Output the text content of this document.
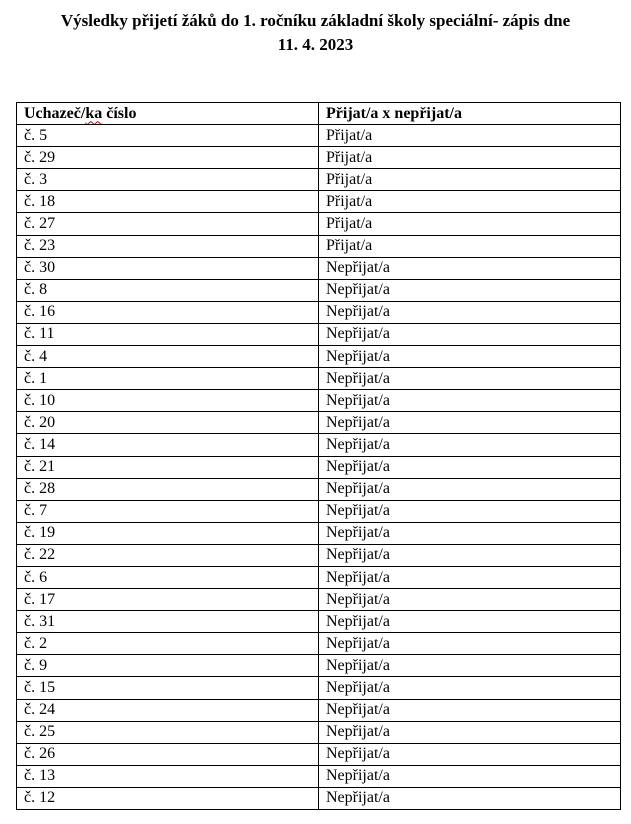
Výsledky přijetí žáků do 1. ročníku základní školy speciální- zápis dne
11. 4. 2023
Uchazeč/ka číslo	Přijat/a x nepřijat/a
č. 5	Přijat/a
č. 29	Přijat/a
č. 3	Přijat/a
č. 18	Přijat/a
č. 27	Přijat/a
č. 23	Přijat/a
č. 30	Nepřijat/a
č. 8	Nepřijat/a
č. 16	Nepřijat/a
č. 11	Nepřijat/a
č. 4	Nepřijat/a
č. 1	Nepřijat/a
č. 10	Nepřijat/a
č. 20	Nepřijat/a
č. 14	Nepřijat/a
č. 21	Nepřijat/a
č. 28	Nepřijat/a
č. 7	Nepřijat/a
č. 19	Nepřijat/a
č. 22	Nepřijat/a
č. 6	Nepřijat/a
č. 17	Nepřijat/a
č. 31	Nepřijat/a
č. 2	Nepřijat/a
č. 9	Nepřijat/a
č. 15	Nepřijat/a
č. 24	Nepřijat/a
č. 25	Nepřijat/a
č. 26	Nepřijat/a
č. 13	Nepřijat/a
č. 12	Nepřijat/a
